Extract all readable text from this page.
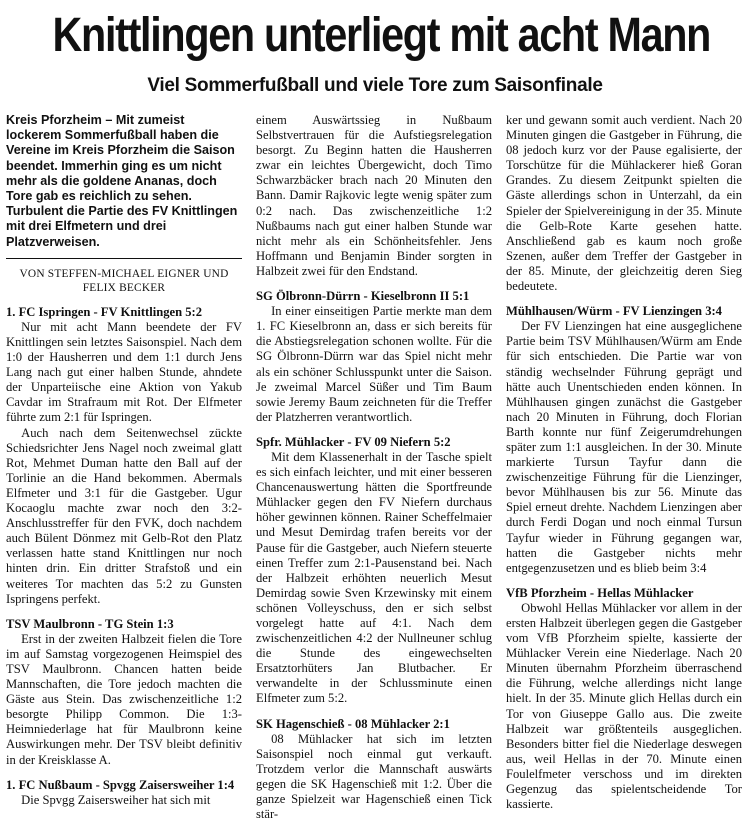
Knittlingen unterliegt mit acht Mann
Viel Sommerfußball und viele Tore zum Saisonfinale

Kreis Pforzheim – Mit zumeist lockerem Sommerfußball haben die Vereine im Kreis Pforzheim die Saison beendet. Immerhin ging es um nicht mehr als die goldene Ananas, doch Tore gab es reichlich zu sehen. Turbulent die Partie des FV Knittlingen mit drei Elfmetern und drei Platzverweisen.

VON STEFFEN-MICHAEL EIGNER UND FELIX BECKER
1. FC Ispringen - FV Knittlingen 5:2

Nur mit acht Mann beendete der FV Knittlingen sein letztes Saisonspiel. Nach dem 1:0 der Hausherren und dem 1:1 durch Jens Lang nach gut einer halben Stunde, ahndete der Unparteiische eine Aktion von Yakub Cavdar im Strafraum mit Rot. Der Elfmeter führte zum 2:1 für Ispringen.

Auch nach dem Seitenwechsel zückte Schiedsrichter Jens Nagel noch zweimal glatt Rot, Mehmet Duman hatte den Ball auf der Torlinie an die Hand bekommen. Abermals Elfmeter und 3:1 für die Gastgeber. Ugur Kocaoglu machte zwar noch den 3:2-Anschlusstreffer für den FVK, doch nachdem auch Bülent Dönmez mit Gelb-Rot den Platz verlassen hatte stand Knittlingen nur noch hinten drin. Ein dritter Strafstoß und ein weiteres Tor machten das 5:2 zu Gunsten Ispringens perfekt.

TSV Maulbronn - TG Stein 1:3

Erst in der zweiten Halbzeit fielen die Tore im auf Samstag vorgezogenen Heimspiel des TSV Maulbronn. Chancen hatten beide Mannschaften, die Tore jedoch machten die Gäste aus Stein. Das zwischenzeitliche 1:2 besorgte Philipp Common. Die 1:3-Heimniederlage hat für Maulbronn keine Auswirkungen mehr. Der TSV bleibt definitiv in der Kreisklasse A.

1. FC Nußbaum - Spvgg Zaisersweiher 1:4

Die Spvgg Zaisersweiher hat sich mit

einem Auswärtssieg in Nußbaum Selbstvertrauen für die Aufstiegsrelegation besorgt. Zu Beginn hatten die Hausherren zwar ein leichtes Übergewicht, doch Timo Schwarzbäcker brach nach 20 Minuten den Bann. Damir Rajkovic legte wenig später zum 0:2 nach. Das zwischenzeitliche 1:2 Nußbaums nach gut einer halben Stunde war nicht mehr als ein Schönheitsfehler. Jens Hoffmann und Benjamin Binder sorgten in Halbzeit zwei für den Endstand.

SG Ölbronn-Dürrn - Kieselbronn II 5:1

In einer einseitigen Partie merkte man dem 1. FC Kieselbronn an, dass er sich bereits für die Abstiegsrelegation schonen wollte. Für die SG Ölbronn-Dürrn war das Spiel nicht mehr als ein schöner Schlusspunkt unter die Saison. Je zweimal Marcel Süßer und Tim Baum sowie Jeremy Baum zeichneten für die Treffer der Platzherren verantwortlich.

Spfr. Mühlacker - FV 09 Niefern 5:2

Mit dem Klassenerhalt in der Tasche spielt es sich einfach leichter, und mit einer besseren Chancenauswertung hätten die Sportfreunde Mühlacker gegen den FV Niefern durchaus höher gewinnen können. Rainer Scheffelmaier und Mesut Demirdag trafen bereits vor der Pause für die Gastgeber, auch Niefern steuerte einen Treffer zum 2:1-Pausenstand bei. Nach der Halbzeit erhöhten neuerlich Mesut Demirdag sowie Sven Krzewinsky mit einem schönen Volleyschuss, den er sich selbst vorgelegt hatte auf 4:1. Nach dem zwischenzeitlichen 4:2 der Nullneuner schlug die Stunde des eingewechselten Ersatztorhüters Jan Blutbacher. Er verwandelte in der Schlussminute einen Elfmeter zum 5:2.

SK Hagenschieß - 08 Mühlacker 2:1

08 Mühlacker hat sich im letzten Saisonspiel noch einmal gut verkauft. Trotzdem verlor die Mannschaft auswärts gegen die SK Hagenschieß mit 1:2. Über die ganze Spielzeit war Hagenschieß einen Tick stär-

ker und gewann somit auch verdient. Nach 20 Minuten gingen die Gastgeber in Führung, die 08 jedoch kurz vor der Pause egalisierte, der Torschütze für die Mühlackerer hieß Goran Grandes. Zu diesem Zeitpunkt spielten die Gäste allerdings schon in Unterzahl, da ein Spieler der Spielvereinigung in der 35. Minute die Gelb-Rote Karte gesehen hatte. Anschließend gab es kaum noch große Szenen, außer dem Treffer der Gastgeber in der 85. Minute, der gleichzeitig deren Sieg bedeutete.

Mühlhausen/Würm - FV Lienzingen 3:4

Der FV Lienzingen hat eine ausgeglichene Partie beim TSV Mühlhausen/Würm am Ende für sich entschieden. Die Partie war von ständig wechselnder Führung geprägt und hätte auch Unentschieden enden können. In Mühlhausen gingen zunächst die Gastgeber nach 20 Minuten in Führung, doch Florian Barth konnte nur fünf Zeigerumdrehungen später zum 1:1 ausgleichen. In der 30. Minute markierte Tursun Tayfur dann die zwischenzeitige Führung für die Lienzinger, bevor Mühlhausen bis zur 56. Minute das Spiel erneut drehte. Nachdem Lienzingen aber durch Ferdi Dogan und noch einmal Tursun Tayfur wieder in Führung gegangen war, hatten die Gastgeber nichts mehr entgegenzusetzen und es blieb beim 3:4

VfB Pforzheim - Hellas Mühlacker

Obwohl Hellas Mühlacker vor allem in der ersten Halbzeit überlegen gegen die Gastgeber vom VfB Pforzheim spielte, kassierte der Mühlacker Verein eine Niederlage. Nach 20 Minuten übernahm Pforzheim überraschend die Führung, welche allerdings nicht lange hielt. In der 35. Minute glich Hellas durch ein Tor von Giuseppe Gallo aus. Die zweite Halbzeit war größtenteils ausgeglichen. Besonders bitter fiel die Niederlage deswegen aus, weil Hellas in der 70. Minute einen Foulelfmeter verschoss und im direkten Gegenzug das spielentscheidende Tor kassierte.
